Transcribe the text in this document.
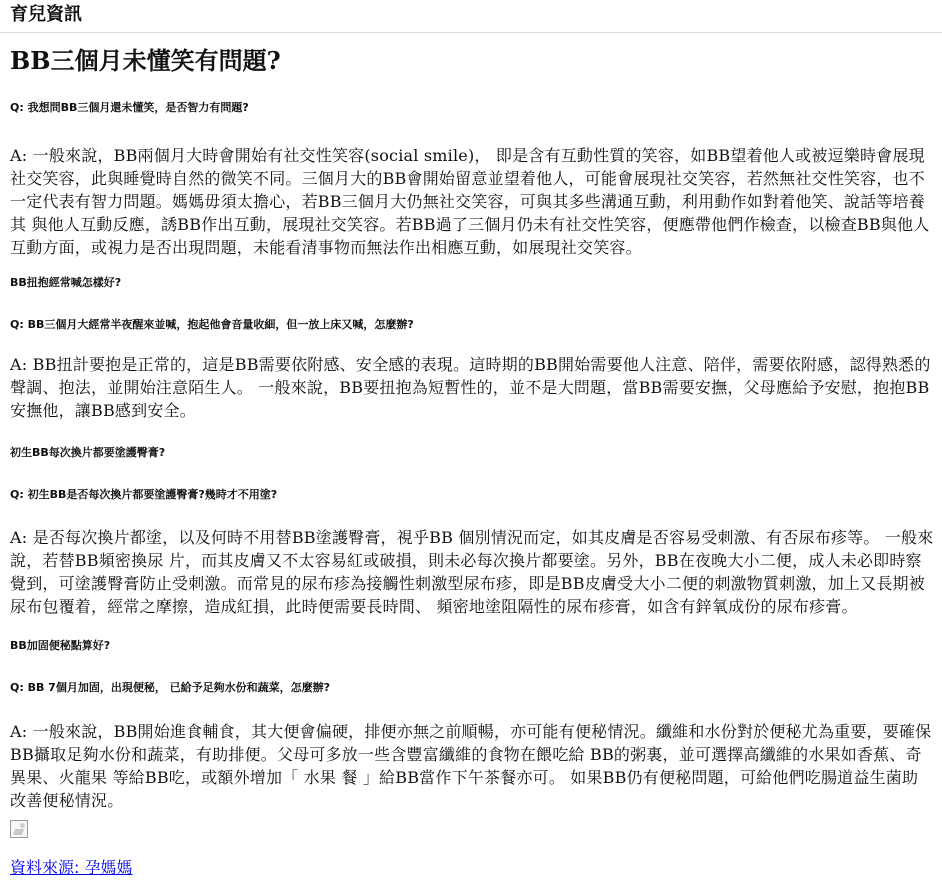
育兒資訊
BB三個月未懂笑有問題?
Q: 我想問BB三個月還未懂笑，是否智力有問題?
A: 一般來說，BB兩個月大時會開始有社交性笑容(social smile)， 即是含有互動性質的笑容，如BB望着他人或被逗樂時會展現社交笑容，此與睡覺時自然的微笑不同。三個月大的BB會開始留意並望着他人，可能會展現社交笑容，若然無社交性笑容，也不一定代表有智力問題。媽媽毋須太擔心，若BB三個月大仍無社交笑容，可與其多些溝通互動，利用動作如對着他笑、說話等培養其 與他人互動反應，誘BB作出互動，展現社交笑容。若BB過了三個月仍未有社交性笑容，便應帶他們作檢查，以檢查BB與他人互動方面，或視力是否出現問題，未能看清事物而無法作出相應互動，如展現社交笑容。
BB扭抱經常喊怎樣好?
Q: BB三個月大經常半夜醒來並喊，抱起他會音量收細，但一放上床又喊，怎麼辦?
A: BB扭計要抱是正常的，這是BB需要依附感、安全感的表現。這時期的BB開始需要他人注意、陪伴，需要依附感，認得熟悉的聲調、抱法，並開始注意陌生人。 一般來說，BB要扭抱為短暫性的，並不是大問題，當BB需要安撫，父母應給予安慰，抱抱BB安撫他，讓BB感到安全。
初生BB每次換片都要塗護臀膏?
Q: 初生BB是否每次換片都要塗護臀膏?幾時才不用塗?
A: 是否每次換片都塗，以及何時不用替BB塗護臀膏，視乎BB 個別情況而定，如其皮膚是否容易受刺激、有否尿布疹等。 一般來說，若替BB頻密換尿 片，而其皮膚又不太容易紅或破損，則未必每次換片都要塗。另外，BB在夜晚大小二便，成人未必即時察覺到，可塗護臀膏防止受刺激。而常見的尿布疹為接觸性刺激型尿布疹，即是BB皮膚受大小二便的刺激物質刺激，加上又長期被尿布包覆着，經常之摩擦，造成紅損，此時便需要長時間、 頻密地塗阻隔性的尿布疹膏，如含有鋅氧成份的尿布疹膏。
BB加固便秘點算好?
Q: BB 7個月加固，出現便秘， 已給予足夠水份和蔬菜，怎麼辦?
A: 一般來說，BB開始進食輔食，其大便會偏硬，排便亦無之前順暢，亦可能有便秘情況。纖維和水份對於便秘尤為重要，要確保BB攝取足夠水份和蔬菜，有助排便。父母可多放一些含豐富纖維的食物在餵吃給 BB的粥裏，並可選擇高纖維的水果如香蕉、奇異果、火龍果 等給BB吃，或額外增加「 水果 餐 」給BB當作下午茶餐亦可。 如果BB仍有便秘問題，可給他們吃腸道益生菌助改善便秘情況。
資料來源: 孕媽媽
